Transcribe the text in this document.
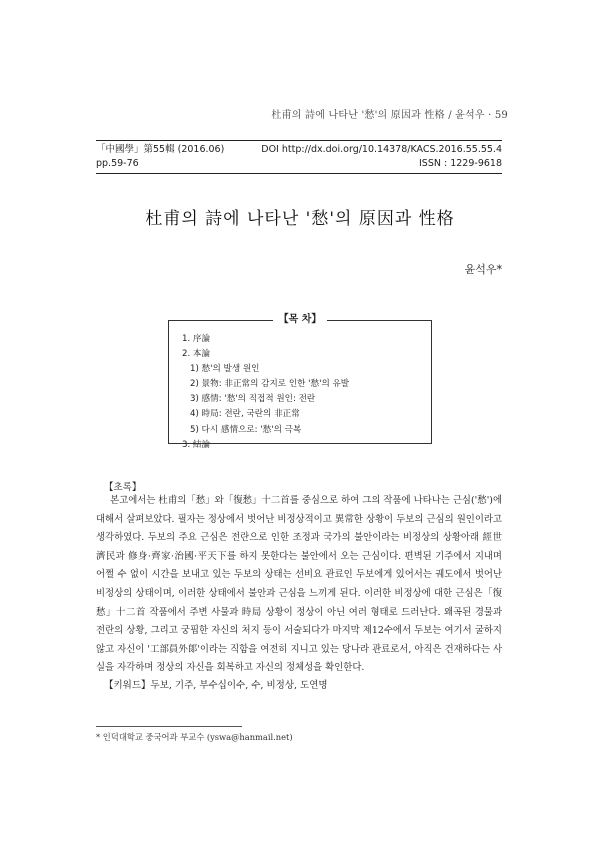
杜甫의 詩에 나타난 '愁'의 原因과 性格 / 윤석우 · 59
「中國學」第55輯 (2016.06)	DOI http://dx.doi.org/10.14378/KACS.2016.55.55.4
pp.59-76	ISSN : 1229-9618
杜甫의 詩에 나타난 '愁'의 原因과 性格
윤석우*
【목 차】
1. 序論
2. 本論
1) 愁'의 발생 원인
2) 景物: 非正常의 감지로 인한 '愁'의 유발
3) 感情: '愁'의 직접적 원인: 전란
4) 時局: 전란, 국란의 非正常
5) 다시 感情으로: '愁'의 극복
3. 結論
【초록】

본고에서는 杜甫의「愁」와「復愁」十二首를 중심으로 하여 그의 작품에 나타나는 근심('愁')에 대해서 살펴보았다. 필자는 정상에서 벗어난 비정상적이고 異常한 상황이 두보의 근심의 원인이라고 생각하였다. 두보의 주요 근심은 전란으로 인한 조정과 국가의 불안이라는 비정상의 상황아래 經世濟民과 修身·齊家·治國·平天下를 하지 못한다는 불안에서 오는 근심이다. 편벽된 기주에서 지내며 어쩔 수 없이 시간을 보내고 있는 두보의 상태는 선비요 관료인 두보에게 있어서는 궤도에서 벗어난 비정상의 상태이며, 이러한 상태에서 불안과 근심을 느끼게 된다. 이러한 비정상에 대한 근심은「復愁」十二首 작품에서 주변 사물과 時局 상황이 정상이 아닌 여러 형태로 드러난다. 왜곡된 경물과 전란의 상황, 그리고 궁핍한 자신의 처지 등이 서술되다가 마지막 제12수에서 두보는 여기서 굴하지 않고 자신이 '工部員外郞'이라는 직함을 여전히 지니고 있는 당나라 관료로서, 아직은 건재하다는 사실을 자각하며 정상의 자신을 회복하고 자신의 정체성을 확인한다.

【키워드】두보, 기주, 부수십이수, 수, 비정상, 도연명
* 인덕대학교 중국어과 부교수 (yswa@hanmail.net)
